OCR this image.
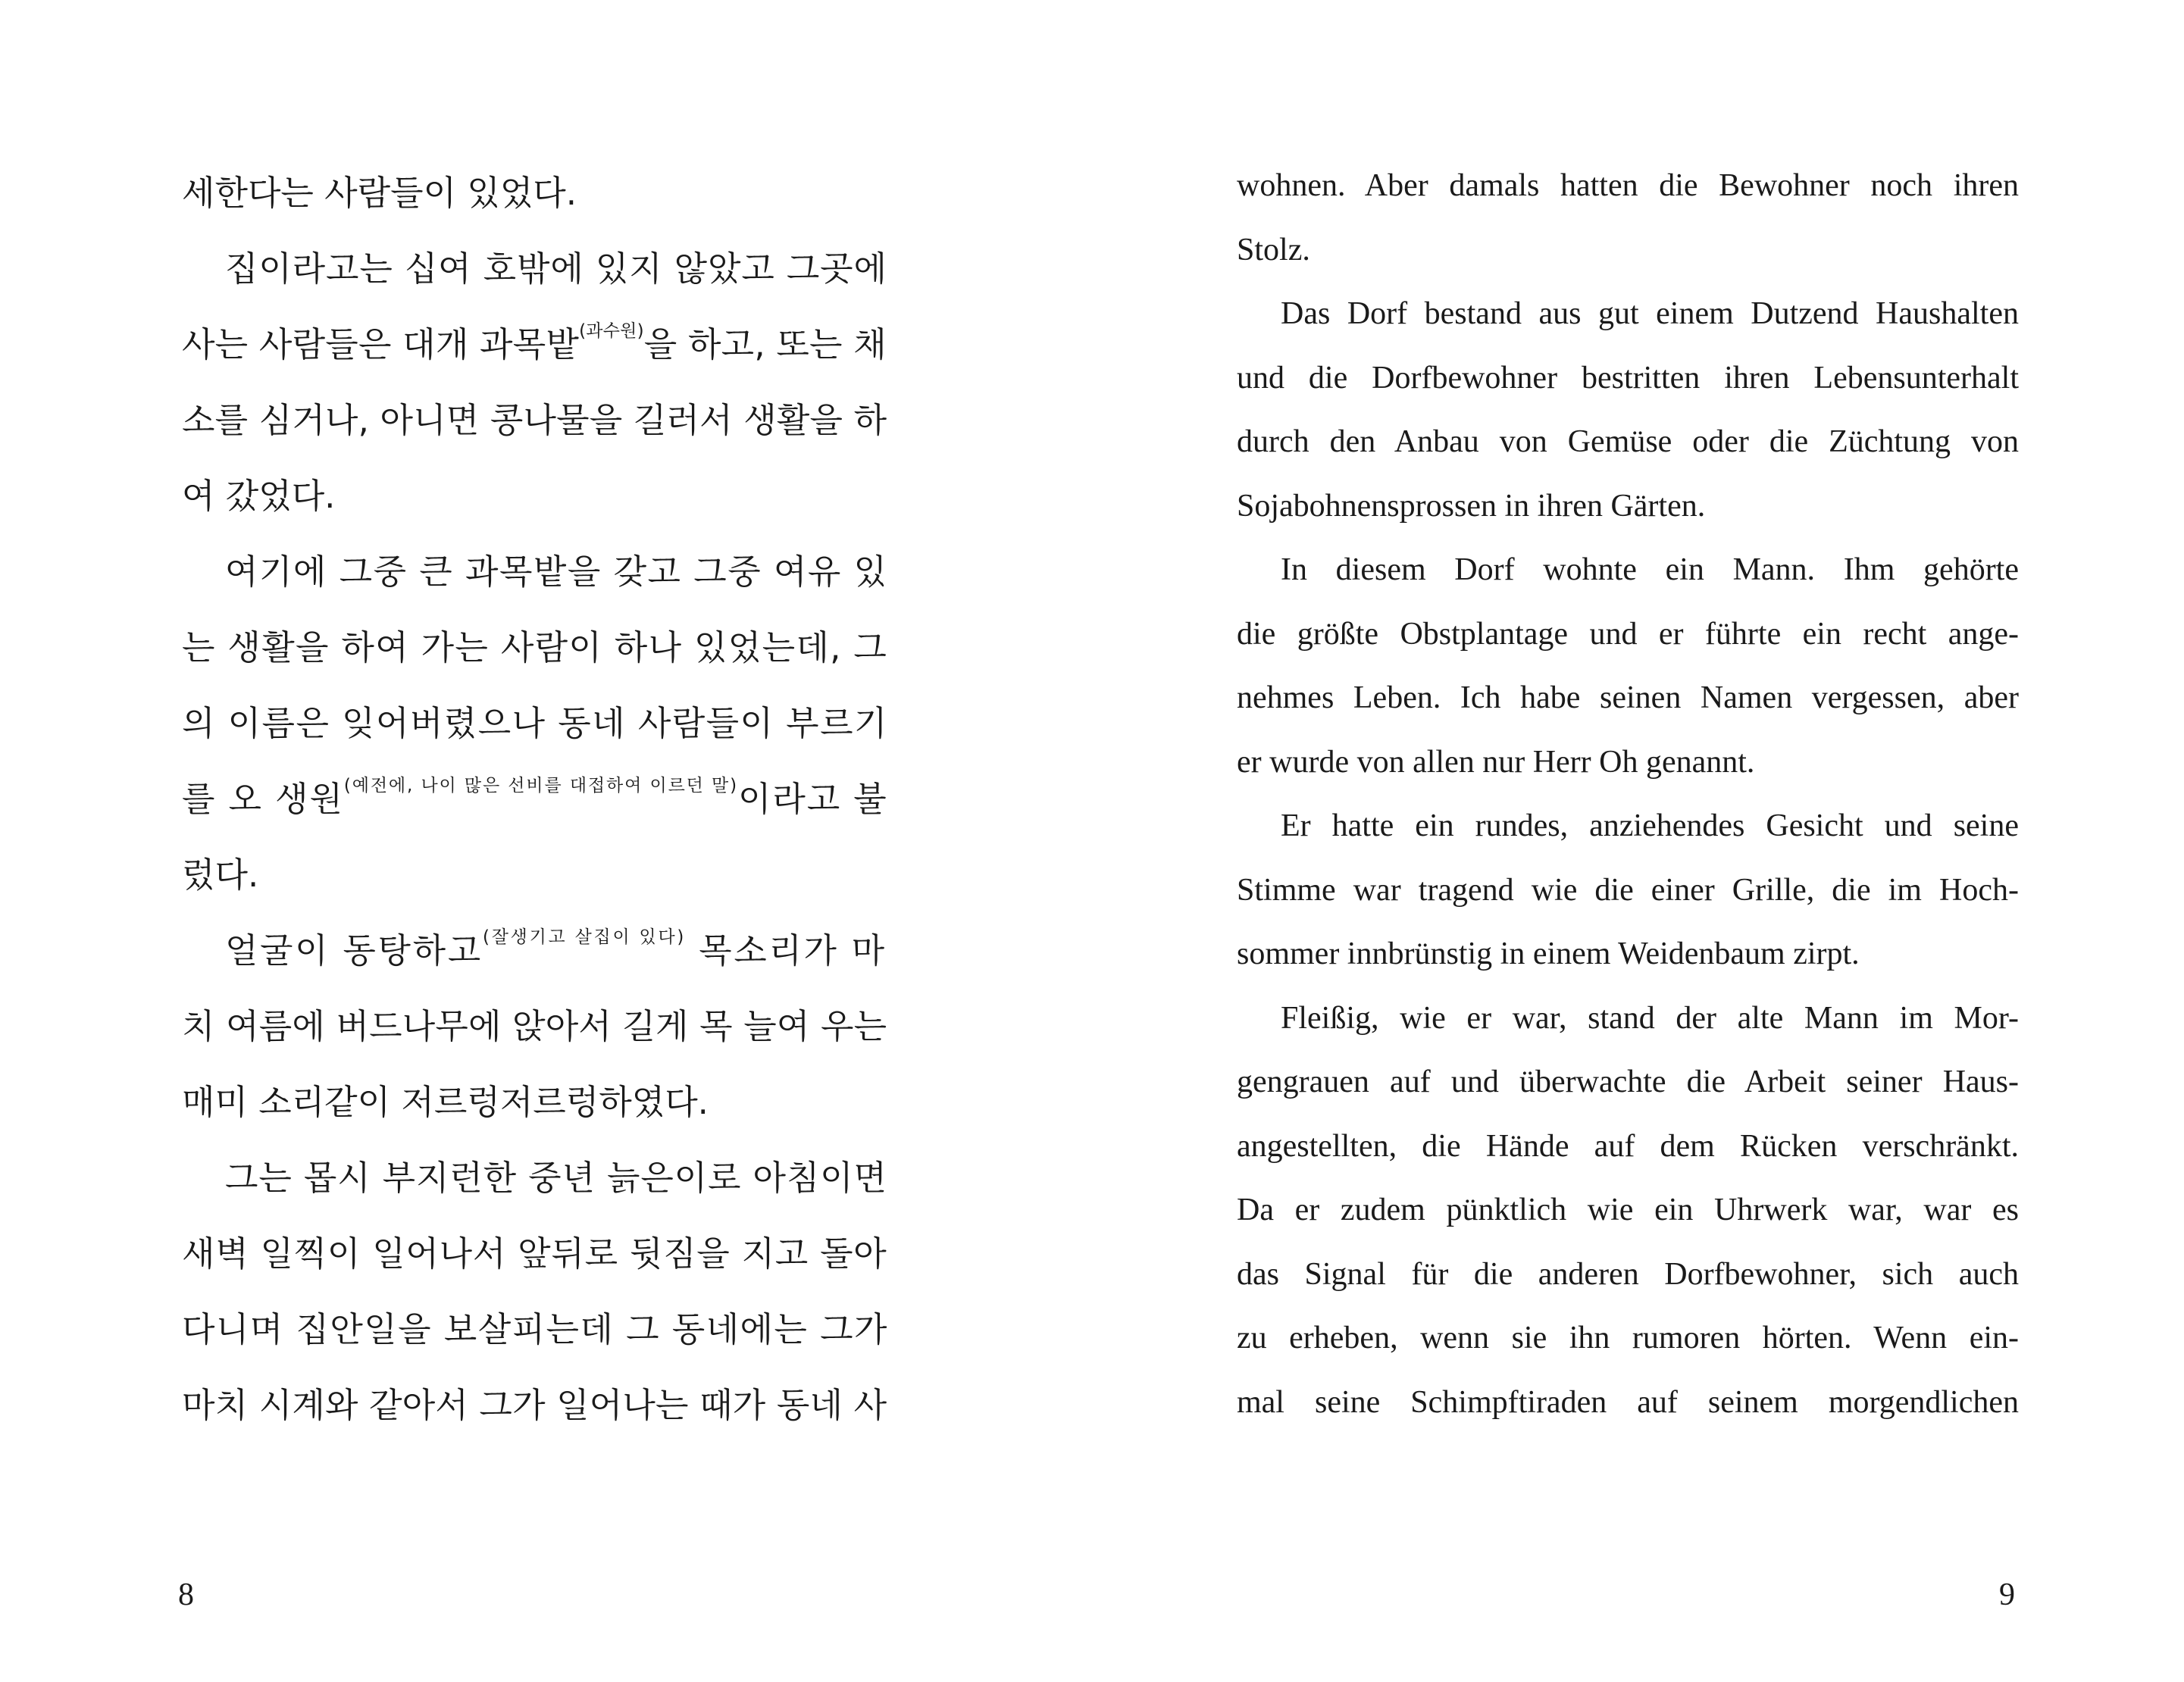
세한다는 사람들이 있었다.
집이라고는 십여 호밖에 있지 않았고 그곳에
사는 사람들은 대개 과목밭$^{(과수원)}$을 하고, 또는 채
소를 심거나, 아니면 콩나물을 길러서 생활을 하
여 갔었다.
여기에 그중 큰 과목밭을 갖고 그중 여유 있
는 생활을 하여 가는 사람이 하나 있었는데, 그
의 이름은 잊어버렸으나 동네 사람들이 부르기
를 오 생원$^{(예전에, 나이 많은 선비를 대접하여 이르던 말)}$이라고 불
렀다.
얼굴이 동탕하고$^{(잘생기고 살집이 있다)}$ 목소리가 마
치 여름에 버드나무에 앉아서 길게 목 늘여 우는
매미 소리같이 저르렁저르렁하였다.
그는 몹시 부지런한 중년 늙은이로 아침이면
새벽 일찍이 일어나서 앞뒤로 뒷짐을 지고 돌아
다니며 집안일을 보살피는데 그 동네에는 그가
마치 시계와 같아서 그가 일어나는 때가 동네 사
8
wohnen. Aber damals hatten die Bewohner noch ihren
Stolz.
Das Dorf bestand aus gut einem Dutzend Haushalten
und die Dorfbewohner bestritten ihren Lebensunterhalt
durch den Anbau von Gemüse oder die Züchtung von
Sojabohnensprossen in ihren Gärten.
In diesem Dorf wohnte ein Mann. Ihm gehörte
die größte Obstplantage und er führte ein recht ange-
nehmes Leben. Ich habe seinen Namen vergessen, aber
er wurde von allen nur Herr Oh genannt.
Er hatte ein rundes, anziehendes Gesicht und seine
Stimme war tragend wie die einer Grille, die im Hoch-
sommer innbrünstig in einem Weidenbaum zirpt.
Fleißig, wie er war, stand der alte Mann im Mor-
gengrauen auf und überwachte die Arbeit seiner Haus-
angestellten, die Hände auf dem Rücken verschränkt.
Da er zudem pünktlich wie ein Uhrwerk war, war es
das Signal für die anderen Dorfbewohner, sich auch
zu erheben, wenn sie ihn rumoren hörten. Wenn ein-
mal seine Schimpftiraden auf seinem morgendlichen
9
